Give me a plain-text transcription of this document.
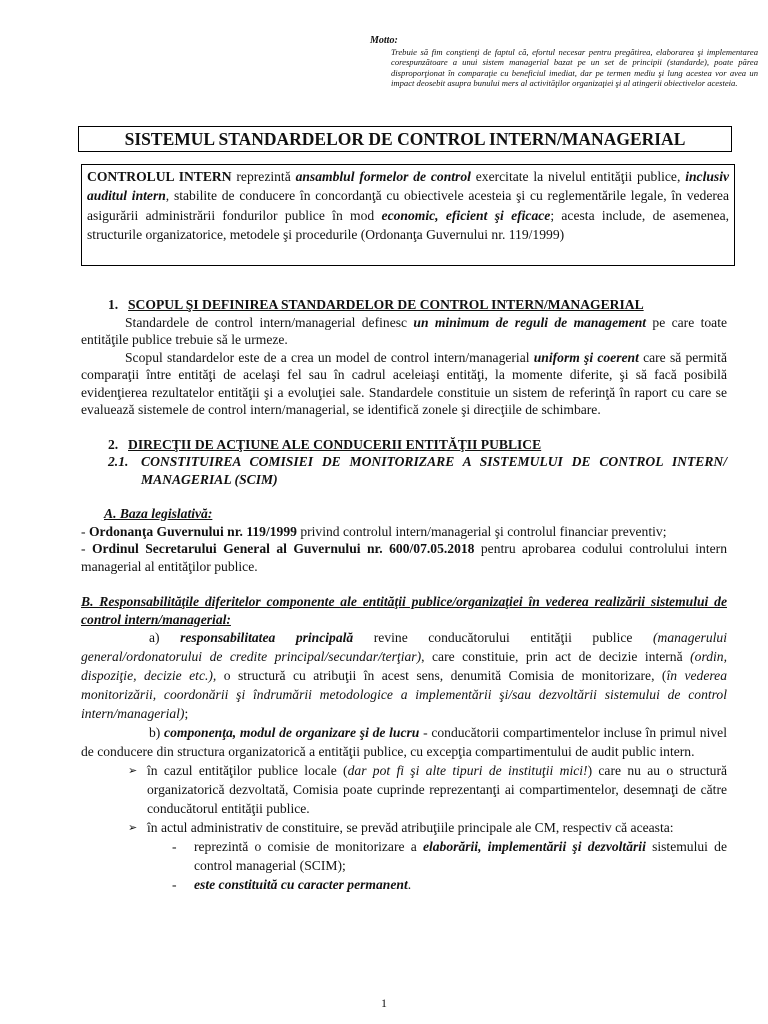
Motto:
Trebuie să fim conştienţi de faptul că, efortul necesar pentru pregătirea, elaborarea şi implementarea corespunzătoare a unui sistem managerial bazat pe un set de principii (standarde), poate părea disproporţionat în comparaţie cu beneficiul imediat, dar pe termen mediu şi lung acestea vor avea un impact deosebit asupra bunului mers al activităţilor organizaţiei şi al atingerii obiectivelor acesteia.
SISTEMUL STANDARDELOR DE CONTROL INTERN/MANAGERIAL
CONTROLUL INTERN reprezintă ansamblul formelor de control exercitate la nivelul entităţii publice, inclusiv auditul intern, stabilite de conducere în concordanţă cu obiectivele acesteia şi cu reglementările legale, în vederea asigurării administrării fondurilor publice în mod economic, eficient şi eficace; acesta include, de asemenea, structurile organizatorice, metodele şi procedurile (Ordonanţa Guvernului nr. 119/1999)

1. SCOPUL ŞI DEFINIREA STANDARDELOR DE CONTROL INTERN/MANAGERIAL

Standardele de control intern/managerial definesc un minimum de reguli de management pe care toate entităţile publice trebuie să le urmeze.

Scopul standardelor este de a crea un model de control intern/managerial uniform şi coerent care să permită comparaţii între entităţi de acelaşi fel sau în cadrul aceleiaşi entităţi, la momente diferite, şi să facă posibilă evidenţierea rezultatelor entităţii şi a evoluţiei sale. Standardele constituie un sistem de referinţă în raport cu care se evaluează sistemele de control intern/managerial, se identifică zonele şi direcţiile de schimbare.

2. DIRECŢII DE ACŢIUNE ALE CONDUCERII ENTITĂŢII PUBLICE

2.1. CONSTITUIREA COMISIEI DE MONITORIZARE A SISTEMULUI DE CONTROL INTERN/ MANAGERIAL (SCIM)

A. Baza legislativă:

- Ordonanţa Guvernului nr. 119/1999 privind controlul intern/managerial şi controlul financiar preventiv;

- Ordinul Secretarului General al Guvernului nr. 600/07.05.2018 pentru aprobarea codului controlului intern managerial al entităţilor publice.

B. Responsabilităţile diferitelor componente ale entităţii publice/organizaţiei în vederea realizării sistemului de control intern/managerial:

a) responsabilitatea principală revine conducătorului entităţii publice (managerului general/ordonatorului de credite principal/secundar/terţiar), care constituie, prin act de decizie internă (ordin, dispoziţie, decizie etc.), o structură cu atribuţii în acest sens, denumită Comisia de monitorizare, (în vederea monitorizării, coordonării şi îndrumării metodologice a implementării şi/sau dezvoltării sistemului de control intern/managerial);

b) componenţa, modul de organizare şi de lucru - conducătorii compartimentelor incluse în primul nivel de conducere din structura organizatorică a entităţii publice, cu excepţia compartimentului de audit public intern.

➢ în cazul entităţilor publice locale (dar pot fi şi alte tipuri de instituţii mici!) care nu au o structură organizatorică dezvoltată, Comisia poate cuprinde reprezentanţi ai compartimentelor, desemnaţi de către conducătorul entităţii publice.
➢ în actul administrativ de constituire, se prevăd atribuţiile principale ale CM, respectiv că aceasta:
-	reprezintă o comisie de monitorizare a elaborării, implementării şi dezvoltării sistemului de control managerial (SCIM);
-	este constituită cu caracter permanent.
1
